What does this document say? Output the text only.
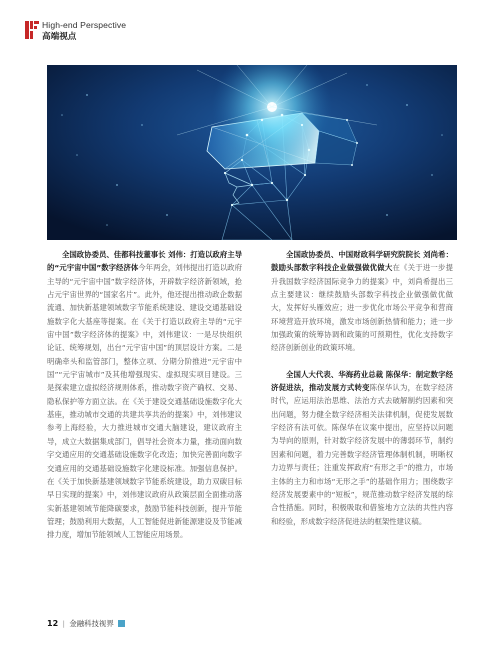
High-end Perspective
高端视点

全国政协委员、佳都科技董事长 刘伟：打造以政府主导的“元宇宙中国”数字经济体今年两会，刘伟提出打造以政府主导的“元宇宙中国”数字经济体，开辟数字经济新领域，抢占元宇宙世界的“国家名片”。此外，他还提出推动政企数据流通、加快新基建领域数字节能系统建设、建设交通基础设施数字化大基座等提案。在《关于打造以政府主导的“元宇宙中国”数字经济体的提案》中，刘伟建议：一是尽快组织论证、统筹规划，出台“元宇宙中国”的顶层设计方案。二是明确牵头和监管部门，整体立项、分期分阶推进“元宇宙中国”“元宇宙城市”及其他增强现实、虚拟现实项目建设。三是探索建立虚拟经济规则体系，推动数字资产确权、交易、隐私保护等方面立法。在《关于建设交通基础设施数字化大基座，推动城市交通的共建共享共治的提案》中，刘伟建议参考上海经验，大力推进城市交通大脑建设，建议政府主导，成立大数据集成部门，倡导社会资本力量，推动面向数字交通应用的交通基础设施数字化改造；加快完善面向数字交通应用的交通基础设施数字化建设标准。加强信息保护。在《关于加快新基建领域数字节能系统建设，助力双碳目标早日实现的提案》中，刘伟建议政府从政策层面全面推动落实新基建领域节能降碳要求，鼓励节能科技创新，提升节能管理；鼓励利用大数据，人工智能促进新能源建设及节能减排力度，增加节能领域人工智能应用场景。

全国政协委员、中国财政科学研究院院长 刘尚希：鼓励头部数字科技企业做强做优做大在《关于进一步提升我国数字经济国际竞争力的提案》中，刘尚希提出三点主要建议：继续鼓励头部数字科技企业做强做优做大，发挥好头雁效应；进一步优化市场公平竞争和营商环境营造开放环境，激发市场创新热情和能力；进一步加强政策的统筹协调和政策的可预期性，优化支持数字经济创新创业的政策环境。

全国人大代表、华海药业总裁 陈保华：制定数字经济促进法，推动发展方式转变陈保华认为，在数字经济时代，应运用法治思维、法治方式去破解制约因素和突出问题，努力健全数字经济相关法律机制，促使发展数字经济有法可依。陈保华在议案中提出，应坚持以问题为导向的原则，针对数字经济发展中的薄弱环节，制约因素和问题，着力完善数字经济管理体制机制，明晰权力边界与责任；注重发挥政府“有形之手”的推力，市场主体的主力和市场“无形之手”的基础作用力；围绕数字经济发展要素中的“短板”，规范推动数字经济发展的综合性措施。同时，积极吸取和借鉴地方立法的共性内容和经验，形成数字经济促进法的框架性建议稿。

12 | 金融科技视界
